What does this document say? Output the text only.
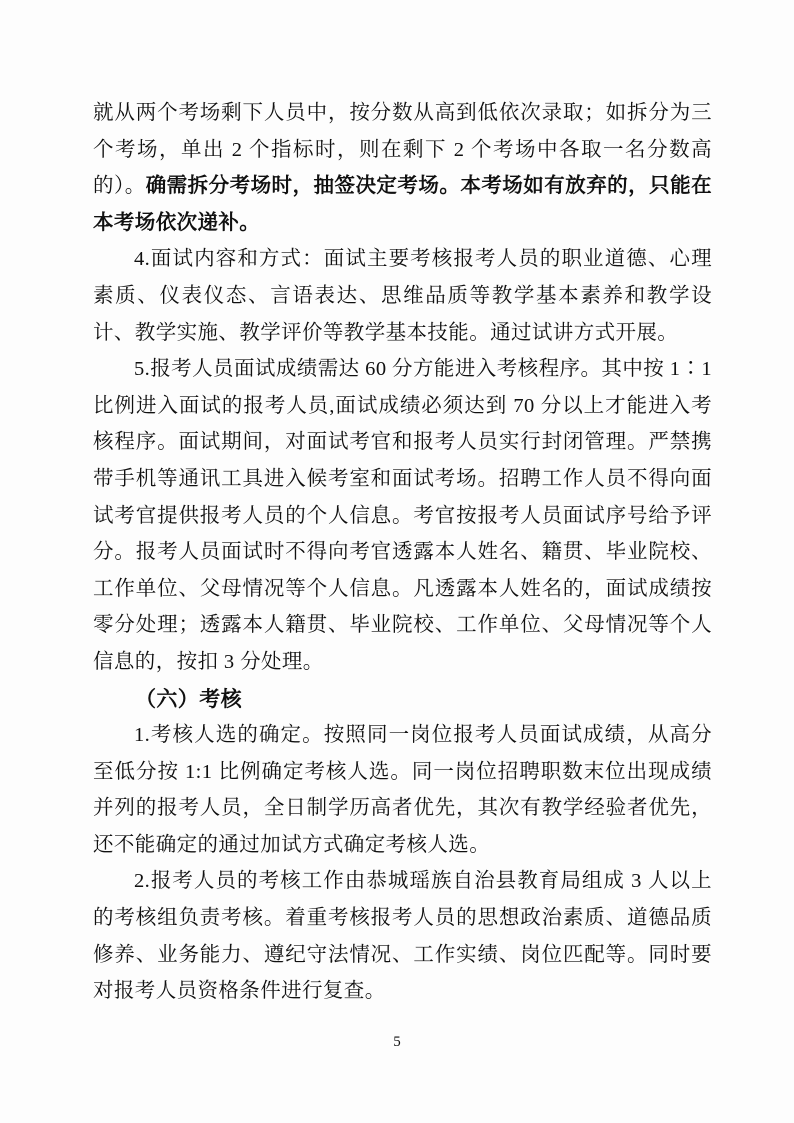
就从两个考场剩下人员中，按分数从高到低依次录取；如拆分为三个考场，单出 2 个指标时，则在剩下 2 个考场中各取一名分数高的）。确需拆分考场时，抽签决定考场。本考场如有放弃的，只能在本考场依次递补。

4.面试内容和方式：面试主要考核报考人员的职业道德、心理素质、仪表仪态、言语表达、思维品质等教学基本素养和教学设计、教学实施、教学评价等教学基本技能。通过试讲方式开展。

5.报考人员面试成绩需达 60 分方能进入考核程序。其中按 1∶1 比例进入面试的报考人员,面试成绩必须达到 70 分以上才能进入考核程序。面试期间，对面试考官和报考人员实行封闭管理。严禁携带手机等通讯工具进入候考室和面试考场。招聘工作人员不得向面试考官提供报考人员的个人信息。考官按报考人员面试序号给予评分。报考人员面试时不得向考官透露本人姓名、籍贯、毕业院校、工作单位、父母情况等个人信息。凡透露本人姓名的，面试成绩按零分处理；透露本人籍贯、毕业院校、工作单位、父母情况等个人信息的，按扣 3 分处理。

（六）考核

1.考核人选的确定。按照同一岗位报考人员面试成绩，从高分至低分按 1:1 比例确定考核人选。同一岗位招聘职数末位出现成绩并列的报考人员，全日制学历高者优先，其次有教学经验者优先，还不能确定的通过加试方式确定考核人选。

2.报考人员的考核工作由恭城瑶族自治县教育局组成 3 人以上的考核组负责考核。着重考核报考人员的思想政治素质、道德品质修养、业务能力、遵纪守法情况、工作实绩、岗位匹配等。同时要对报考人员资格条件进行复查。

5
